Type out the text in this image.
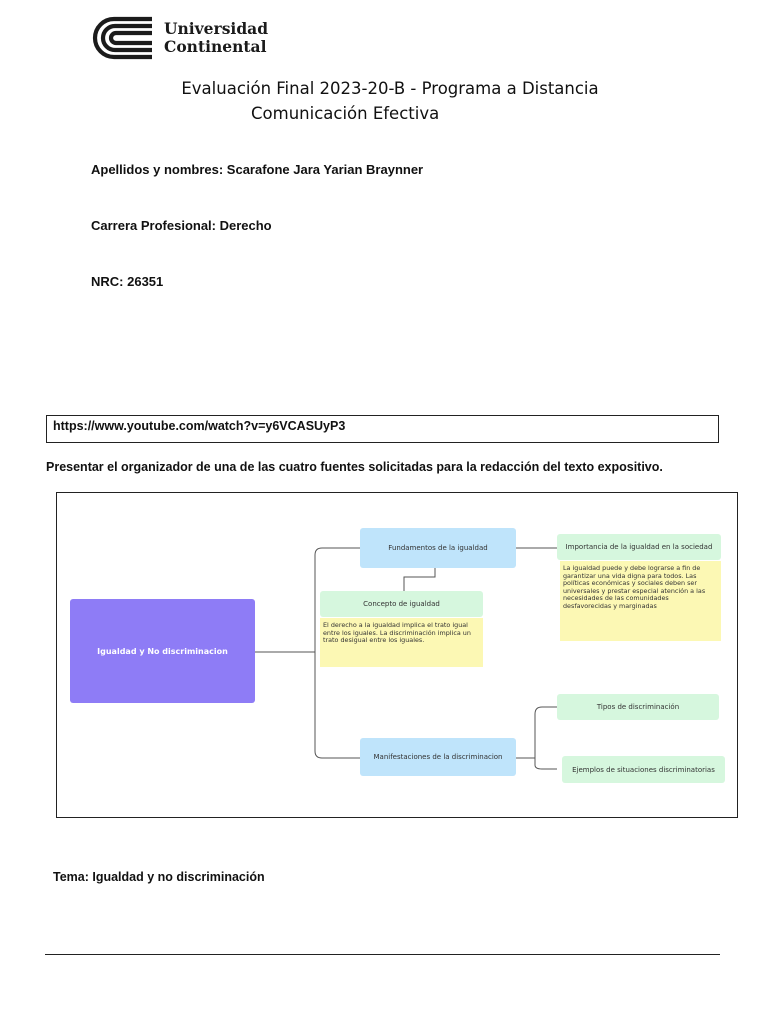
Universidad
Continental
Evaluación Final 2023-20-B - Programa a Distancia
Comunicación Efectiva
Apellidos y nombres: Scarafone Jara Yarian Braynner
Carrera Profesional: Derecho
NRC: 26351
https://www.youtube.com/watch?v=y6VCASUyP3
Presentar el organizador de una de las cuatro fuentes solicitadas para la redacción del texto expositivo.
Igualdad y No discriminacion
Fundamentos de la igualdad	Importancia de la igualdad en la sociedad
La igualdad puede y debe lograrse a fin de garantizar una vida digna para todos. Las políticas económicas y sociales deben ser universales y prestar especial atención a las necesidades de las comunidades desfavorecidas y marginadas
Concepto de igualdad
El derecho a la igualdad implica el trato igual entre los iguales. La discriminación implica un trato desigual entre los iguales.
Manifestaciones de la discriminacion
Tipos de discriminación
Ejemplos de situaciones discriminatorias
Tema: Igualdad y no discriminación
